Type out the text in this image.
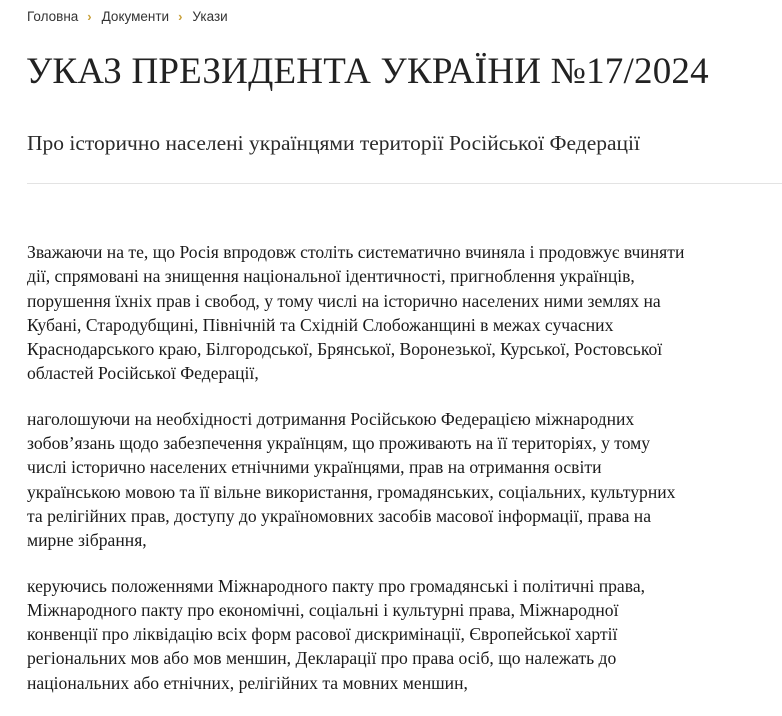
Головна › Документи › Укази
УКАЗ ПРЕЗИДЕНТА УКРАЇНИ №17/2024
Про історично населені українцями території Російської Федерації

Зважаючи на те, що Росія впродовж століть систематично вчиняла і продовжує вчиняти
дії, спрямовані на знищення національної ідентичності, пригноблення українців,
порушення їхніх прав і свобод, у тому числі на історично населених ними землях на
Кубані, Стародубщині, Північній та Східній Слобожанщині в межах сучасних
Краснодарського краю, Білгородської, Брянської, Воронезької, Курської, Ростовської
областей Російської Федерації,

наголошуючи на необхідності дотримання Російською Федерацією міжнародних
зобов’язань щодо забезпечення українцям, що проживають на її територіях, у тому
числі історично населених етнічними українцями, прав на отримання освіти
українською мовою та її вільне використання, громадянських, соціальних, культурних
та релігійних прав, доступу до україномовних засобів масової інформації, права на
мирне зібрання,

керуючись положеннями Міжнародного пакту про громадянські і політичні права,
Міжнародного пакту про економічні, соціальні і культурні права, Міжнародної
конвенції про ліквідацію всіх форм расової дискримінації, Європейської хартії
регіональних мов або мов меншин, Декларації про права осіб, що належать до
національних або етнічних, релігійних та мовних меншин,
